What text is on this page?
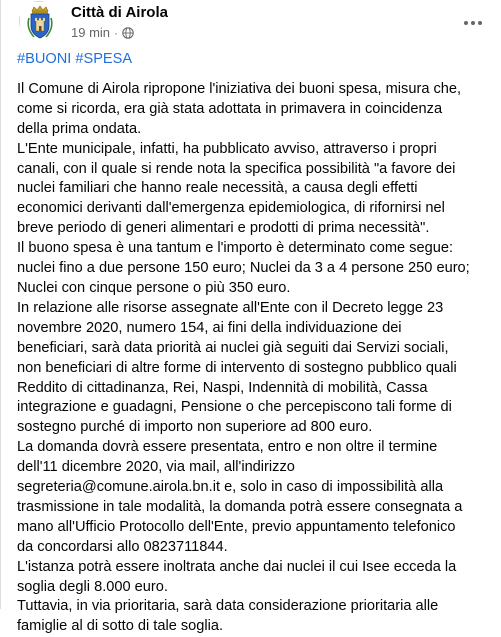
Città di Airola
19 min ·
#BUONI #SPESA

Il Comune di Airola ripropone l'iniziativa dei buoni spesa, misura che,

come si ricorda, era già stata adottata in primavera in coincidenza

della prima ondata.

L'Ente municipale, infatti, ha pubblicato avviso, attraverso i propri

canali, con il quale si rende nota la specifica possibilità "a favore dei

nuclei familiari che hanno reale necessità, a causa degli effetti

economici derivanti dall'emergenza epidemiologica, di rifornirsi nel

breve periodo di generi alimentari e prodotti di prima necessità".

Il buono spesa è una tantum e l'importo è determinato come segue:

nuclei fino a due persone 150 euro; Nuclei da 3 a 4 persone 250 euro;

Nuclei con cinque persone o più 350 euro.

In relazione alle risorse assegnate all'Ente con il Decreto legge 23

novembre 2020, numero 154, ai fini della individuazione dei

beneficiari, sarà data priorità ai nuclei già seguiti dai Servizi sociali,

non beneficiari di altre forme di intervento di sostegno pubblico quali

Reddito di cittadinanza, Rei, Naspi, Indennità di mobilità, Cassa

integrazione e guadagni, Pensione o che percepiscono tali forme di

sostegno purché di importo non superiore ad 800 euro.

La domanda dovrà essere presentata, entro e non oltre il termine

dell'11 dicembre 2020, via mail, all'indirizzo

segreteria@comune.airola.bn.it e, solo in caso di impossibilità alla

trasmissione in tale modalità, la domanda potrà essere consegnata a

mano all'Ufficio Protocollo dell'Ente, previo appuntamento telefonico

da concordarsi allo 0823711844.

L'istanza potrà essere inoltrata anche dai nuclei il cui Isee ecceda la

soglia degli 8.000 euro.

Tuttavia, in via prioritaria, sarà data considerazione prioritaria alle

famiglie al di sotto di tale soglia.
